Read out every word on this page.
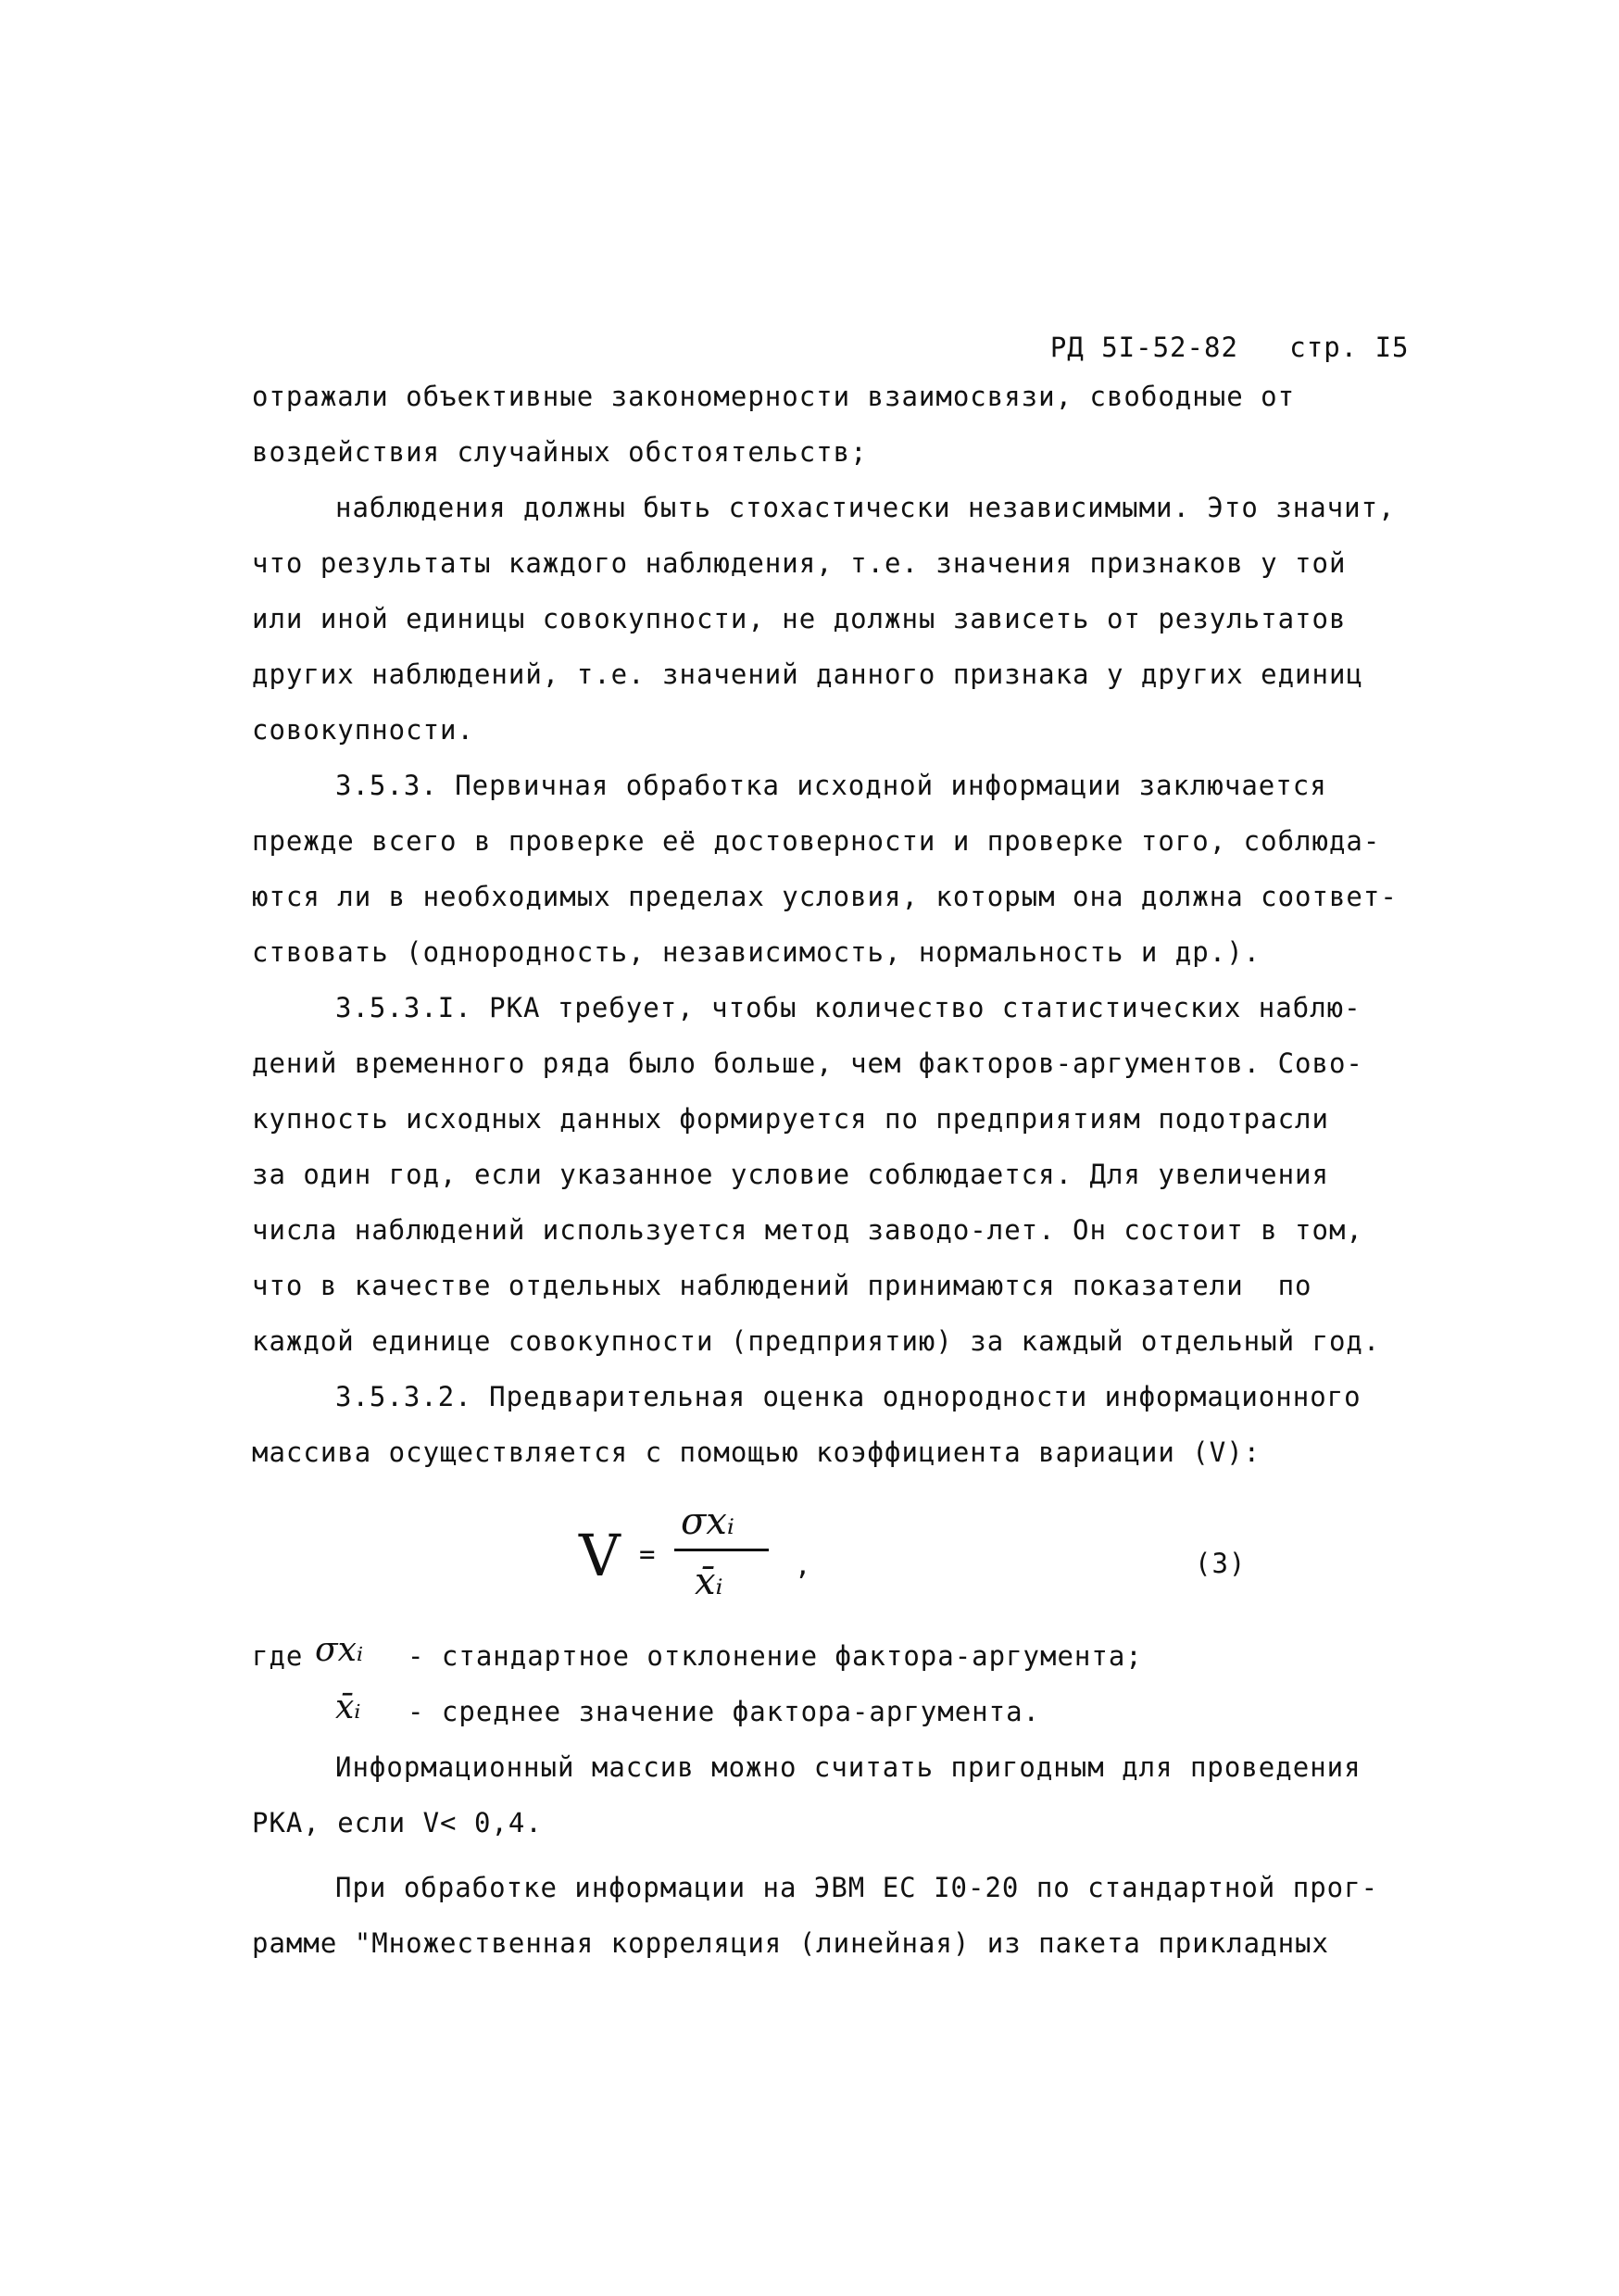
РД 5I-52-82 стр. I5

отражали объективные закономерности взаимосвязи, свободные от
воздействия случайных обстоятельств;
наблюдения должны быть стохастически независимыми. Это значит,
что результаты каждого наблюдения, т.е. значения признаков у той
или иной единицы совокупности, не должны зависеть от результатов
других наблюдений, т.е. значений данного признака у других единиц
совокупности.
3.5.3. Первичная обработка исходной информации заключается
прежде всего в проверке её достоверности и проверке того, соблюда-
ются ли в необходимых пределах условия, которым она должна соответ-
ствовать (однородность, независимость, нормальность и др.).
3.5.3.I. РКА требует, чтобы количество статистических наблю-
дений временного ряда было больше, чем факторов-аргументов. Сово-
купность исходных данных формируется по предприятиям подотрасли
за один год, если указанное условие соблюдается. Для увеличения
числа наблюдений используется метод заводо-лет. Он состоит в том,
что в качестве отдельных наблюдений принимаются показатели  по
каждой единице совокупности (предприятию) за каждый отдельный год.
3.5.3.2. Предварительная оценка однородности информационного
массива осуществляется с помощью коэффициента вариации (V):
V =
σxᵢ
x̄ᵢ	,	(3)
где σxᵢ - стандартное отклонение фактора-аргумента;
x̄ᵢ - среднее значение фактора-аргумента.
Информационный массив можно считать пригодным для проведения
РКА, если V< 0,4.
При обработке информации на ЭВМ ЕС I0-20 по стандартной прог-
рамме "Множественная корреляция (линейная) из пакета прикладных
